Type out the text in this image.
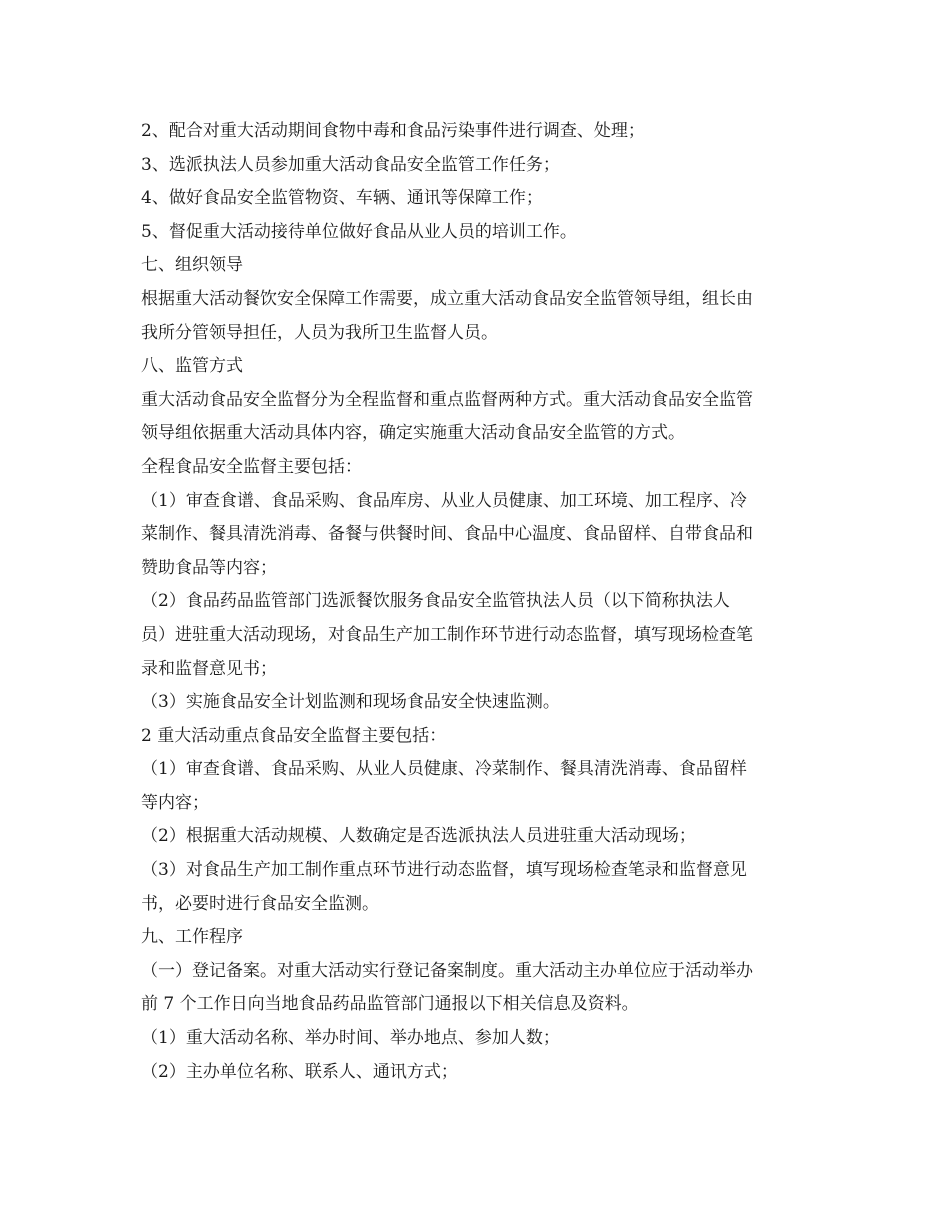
2、配合对重大活动期间食物中毒和食品污染事件进行调查、处理；

3、选派执法人员参加重大活动食品安全监管工作任务；

4、做好食品安全监管物资、车辆、通讯等保障工作；

5、督促重大活动接待单位做好食品从业人员的培训工作。

七、组织领导

根据重大活动餐饮安全保障工作需要，成立重大活动食品安全监管领导组，组长由

我所分管领导担任，人员为我所卫生监督人员。

八、监管方式

重大活动食品安全监督分为全程监督和重点监督两种方式。重大活动食品安全监管

领导组依据重大活动具体内容，确定实施重大活动食品安全监管的方式。

全程食品安全监督主要包括：

（1）审查食谱、食品采购、食品库房、从业人员健康、加工环境、加工程序、冷

菜制作、餐具清洗消毒、备餐与供餐时间、食品中心温度、食品留样、自带食品和

赞助食品等内容；

（2）食品药品监管部门选派餐饮服务食品安全监管执法人员（以下简称执法人

员）进驻重大活动现场，对食品生产加工制作环节进行动态监督，填写现场检查笔

录和监督意见书；

（3）实施食品安全计划监测和现场食品安全快速监测。

2 重大活动重点食品安全监督主要包括：

（1）审查食谱、食品采购、从业人员健康、冷菜制作、餐具清洗消毒、食品留样

等内容；

（2）根据重大活动规模、人数确定是否选派执法人员进驻重大活动现场；

（3）对食品生产加工制作重点环节进行动态监督，填写现场检查笔录和监督意见

书，必要时进行食品安全监测。

九、工作程序

（一）登记备案。对重大活动实行登记备案制度。重大活动主办单位应于活动举办

前 7 个工作日向当地食品药品监管部门通报以下相关信息及资料。

（1）重大活动名称、举办时间、举办地点、参加人数；

（2）主办单位名称、联系人、通讯方式；
